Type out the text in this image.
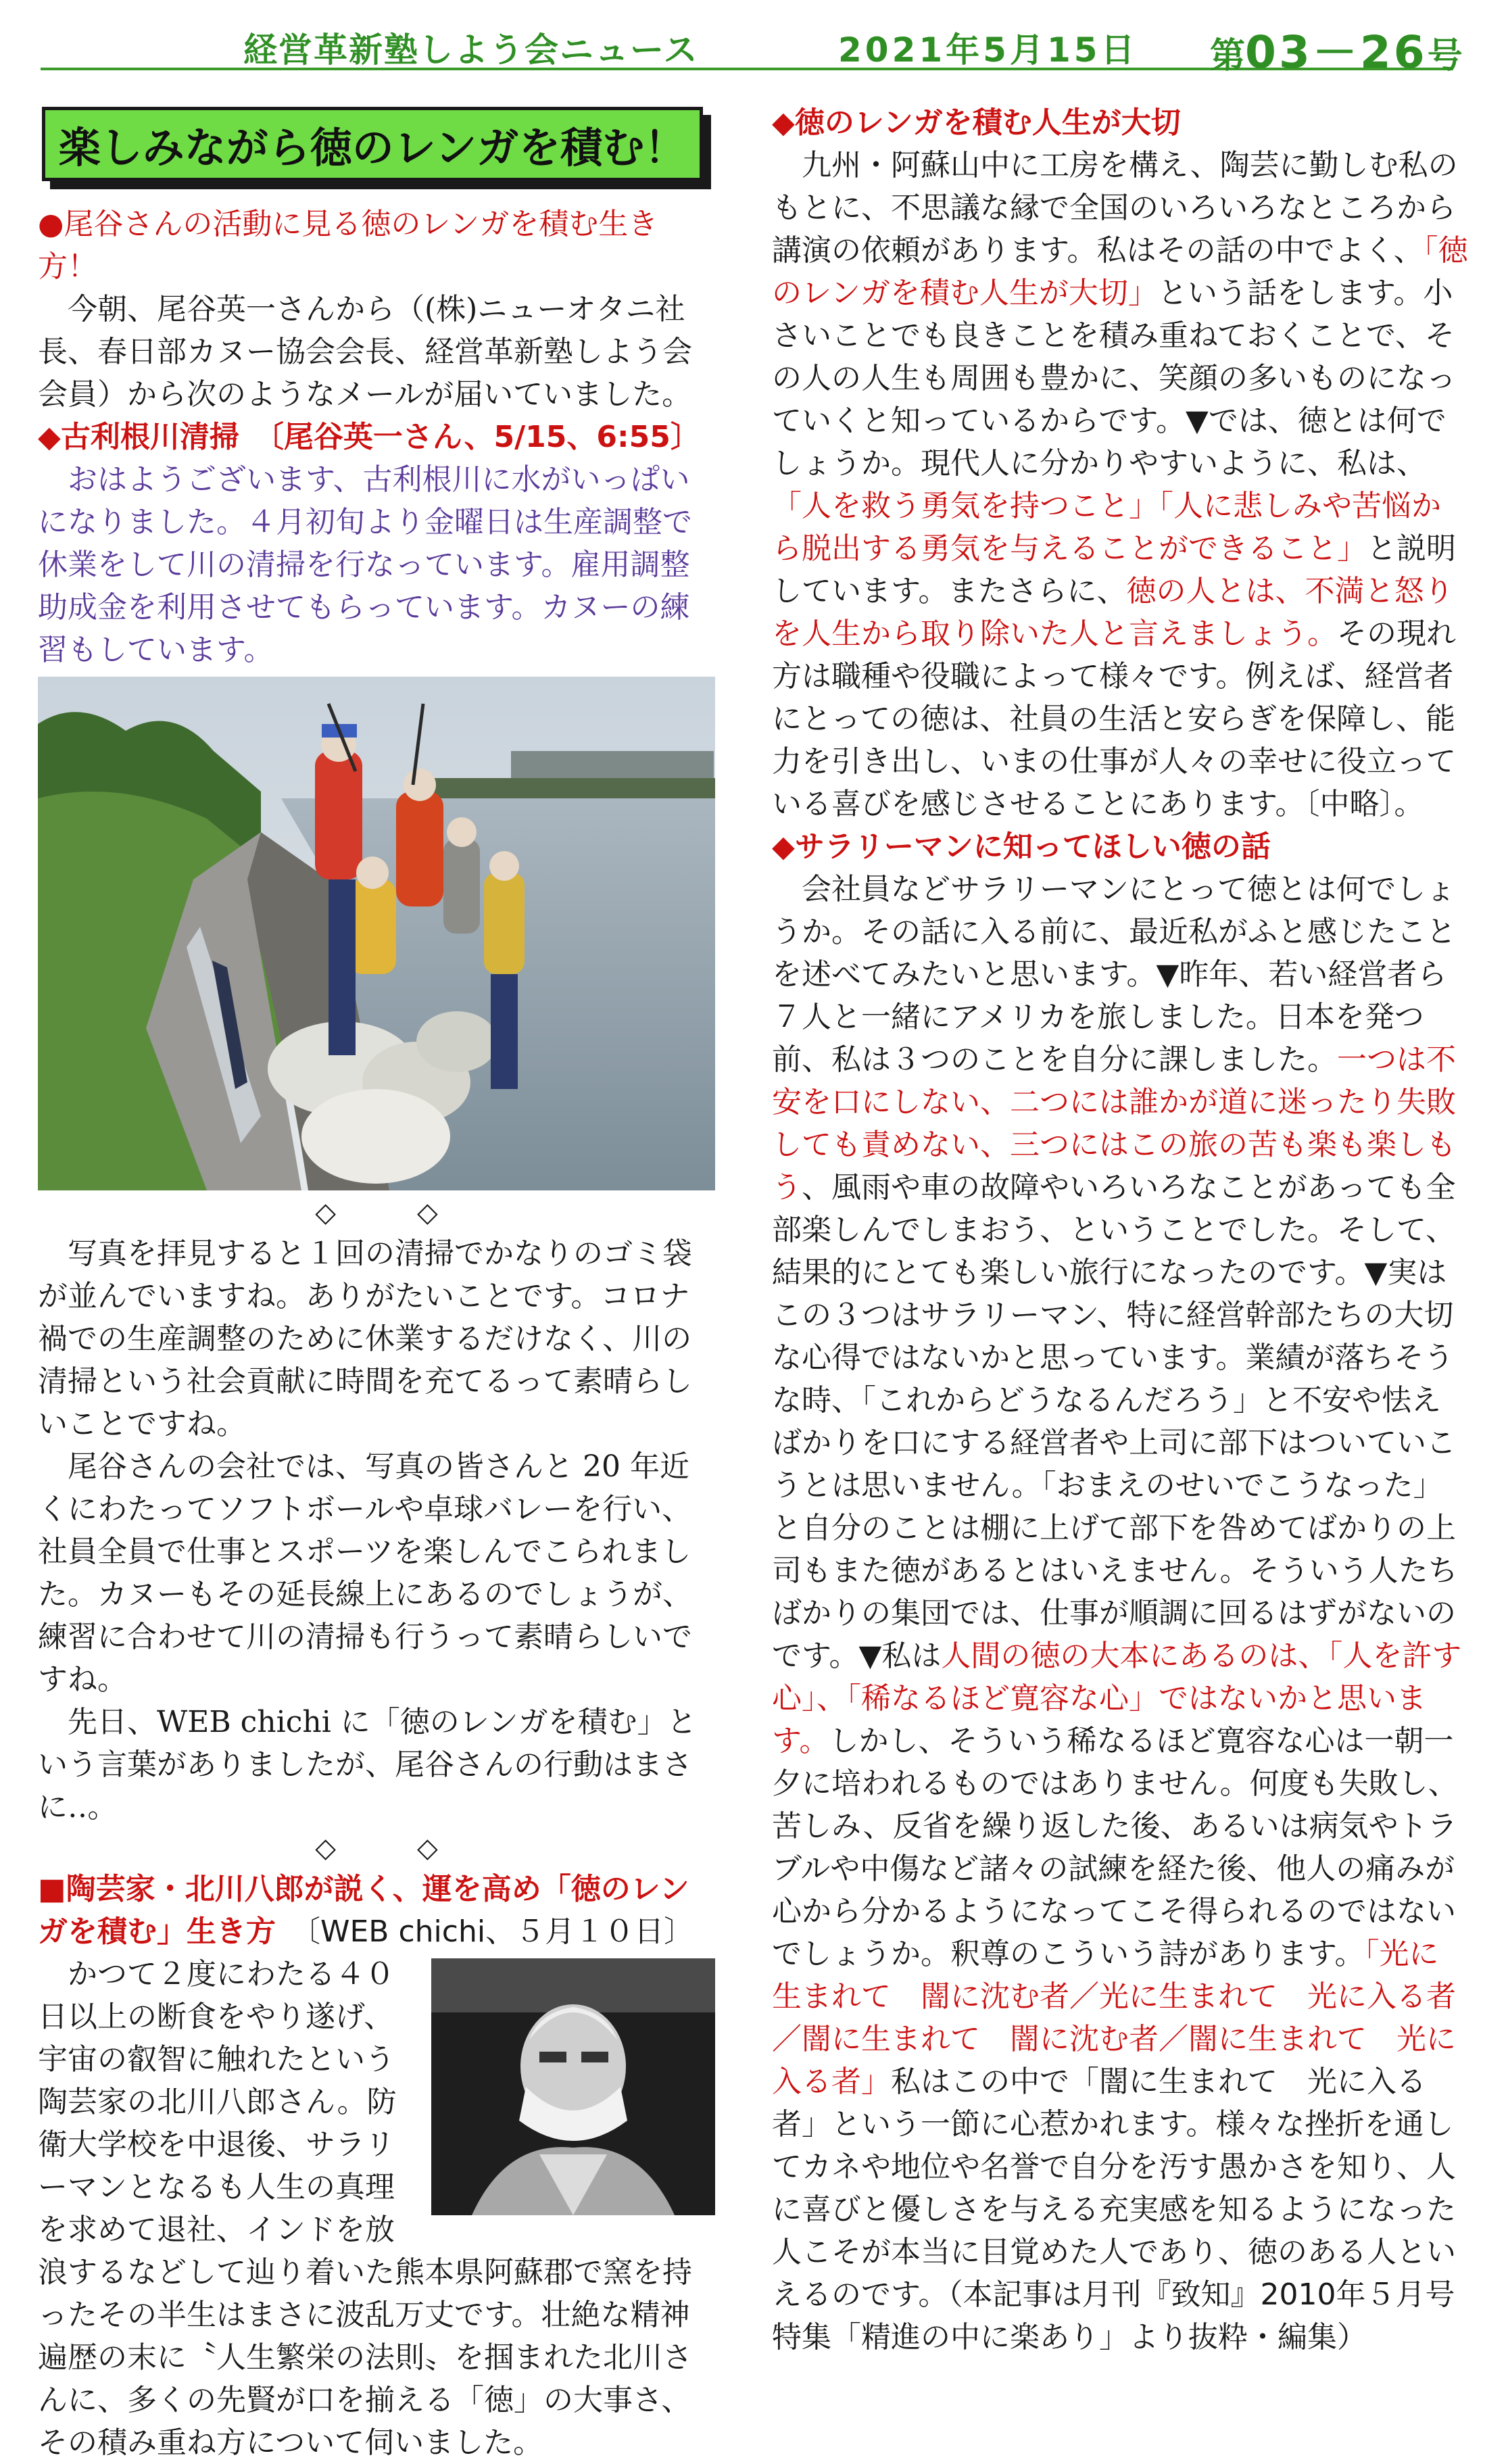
経営革新塾しよう会ニュース	2021年5月15日 第03－26号
楽しみながら徳のレンガを積む！

●尾谷さんの活動に見る徳のレンガを積む生き方！

今朝、尾谷英一さんから（(株)ニューオタニ社長、春日部カヌー協会会長、経営革新塾しよう会会員）から次のようなメールが届いていました。

◆古利根川清掃　〔尾谷英一さん、5/15、6:55〕

おはようございます、古利根川に水がいっぱいになりました。４月初旬より金曜日は生産調整で休業をして川の清掃を行なっています。雇用調整助成金を利用させてもらっています。カヌーの練習もしています。

◇	◇

写真を拝見すると１回の清掃でかなりのゴミ袋が並んでいますね。ありがたいことです。コロナ禍での生産調整のために休業するだけなく、川の清掃という社会貢献に時間を充てるって素晴らしいことですね。

尾谷さんの会社では、写真の皆さんと 20 年近くにわたってソフトボールや卓球バレーを行い、社員全員で仕事とスポーツを楽しんでこられました。カヌーもその延長線上にあるのでしょうが、練習に合わせて川の清掃も行うって素晴らしいですね。

先日、WEB chichi に「徳のレンガを積む」という言葉がありましたが、尾谷さんの行動はまさに‥。

◇	◇

■陶芸家・北川八郎が説く、運を高め「徳のレンガを積む」生き方　 〔WEB chichi、５月１０日〕

かつて２度にわたる４０日以上の断食をやり遂げ、宇宙の叡智に触れたという陶芸家の北川八郎さん。防衛大学校を中退後、サラリーマンとなるも人生の真理を求めて退社、インドを放浪するなどして辿り着いた熊本県阿蘇郡で窯を持ったその半生はまさに波乱万丈です。壮絶な精神遍歴の末に〝人生繁栄の法則〟を掴まれた北川さんに、多くの先賢が口を揃える「徳」の大事さ、その積み重ね方について伺いました。

◆徳のレンガを積む人生が大切

九州・阿蘇山中に工房を構え、陶芸に勤しむ私のもとに、不思議な縁で全国のいろいろなところから講演の依頼があります。私はその話の中でよく、「徳のレンガを積む人生が大切」という話をします。小さいことでも良きことを積み重ねておくことで、その人の人生も周囲も豊かに、笑顔の多いものになっていくと知っているからです。▼では、徳とは何でしょうか。現代人に分かりやすいように、私は、「人を救う勇気を持つこと」「人に悲しみや苦悩から脱出する勇気を与えることができること」と説明しています。またさらに、徳の人とは、不満と怒りを人生から取り除いた人と言えましょう。その現れ方は職種や役職によって様々です。例えば、経営者にとっての徳は、社員の生活と安らぎを保障し、能力を引き出し、いまの仕事が人々の幸せに役立っている喜びを感じさせることにあります。〔中略〕。

◆サラリーマンに知ってほしい徳の話

会社員などサラリーマンにとって徳とは何でしょうか。その話に入る前に、最近私がふと感じたことを述べてみたいと思います。▼昨年、若い経営者ら７人と一緒にアメリカを旅しました。日本を発つ前、私は３つのことを自分に課しました。一つは不安を口にしない、二つには誰かが道に迷ったり失敗しても責めない、三つにはこの旅の苦も楽も楽しもう、風雨や車の故障やいろいろなことがあっても全部楽しんでしまおう、ということでした。そして、結果的にとても楽しい旅行になったのです。▼実はこの３つはサラリーマン、特に経営幹部たちの大切な心得ではないかと思っています。業績が落ちそうな時、「これからどうなるんだろう」と不安や怯えばかりを口にする経営者や上司に部下はついていこうとは思いません。「おまえのせいでこうなった」と自分のことは棚に上げて部下を咎めてばかりの上司もまた徳があるとはいえません。そういう人たちばかりの集団では、仕事が順調に回るはずがないのです。▼私は人間の徳の大本にあるのは、「人を許す心」、「稀なるほど寛容な心」ではないかと思います。しかし、そういう稀なるほど寛容な心は一朝一夕に培われるものではありません。何度も失敗し、苦しみ、反省を繰り返した後、あるいは病気やトラブルや中傷など諸々の試練を経た後、他人の痛みが心から分かるようになってこそ得られるのではないでしょうか。釈尊のこういう詩があります。「光に生まれて　闇に沈む者／光に生まれて　光に入る者／闇に生まれて　闇に沈む者／闇に生まれて　光に入る者」私はこの中で「闇に生まれて　光に入る者」という一節に心惹かれます。様々な挫折を通してカネや地位や名誉で自分を汚す愚かさを知り、人に喜びと優しさを与える充実感を知るようになった人こそが本当に目覚めた人であり、徳のある人といえるのです。（本記事は月刊『致知』2010年５月号 特集「精進の中に楽あり」より抜粋・編集）
